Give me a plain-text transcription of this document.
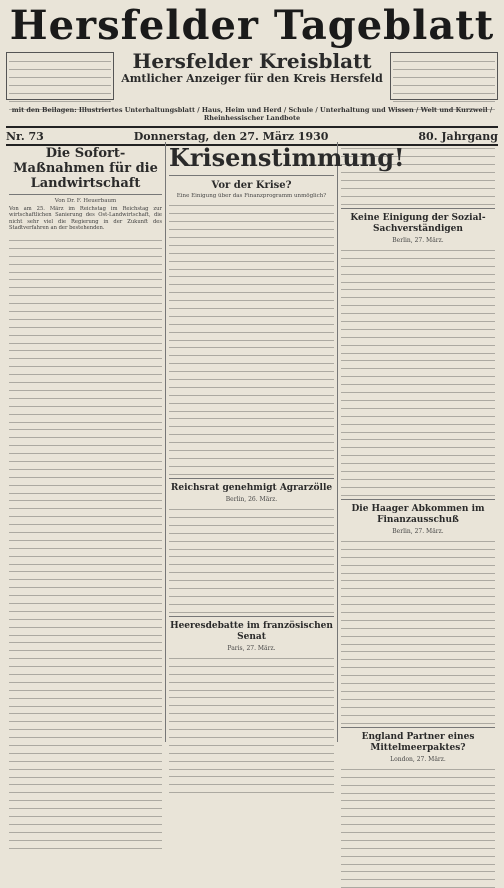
Hersfelder Tageblatt
Hersfelder Kreisblatt
Amtlicher Anzeiger für den Kreis Hersfeld
mit den Beilagen: Illustriertes Unterhaltungsblatt / Haus, Heim und Herd / Schule / Unterhaltung und Wissen / Welt und Kurzweil / Rheinhessischer Landbote
Nr. 73	Donnerstag, den 27. März 1930	80. Jahrgang
Die Sofort-Maßnahmen für die Landwirtschaft
Von Dr. F. Heuerbaum
Von am 25. März im Reichstag im Reichstag zur wirtschaftlichen Sanierung des Ost-Landwirtschaft, die nicht sehr viel die Regierung in der Zukunft des Stadtverfahren an der bestehenden.
Krisenstimmung!
Vor der Krise?
Eine Einigung über das Finanzprogramm unmöglich?
Reichsrat genehmigt Agrarzölle
Berlin, 26. März.
Heeresdebatte im französischen Senat
Paris, 27. März.
Keine Einigung der Sozial-Sachverständigen
Berlin, 27. März.
Die Haager Abkommen im Finanzausschuß
Berlin, 27. März.
England Partner eines Mittelmeerpaktes?
London, 27. März.
